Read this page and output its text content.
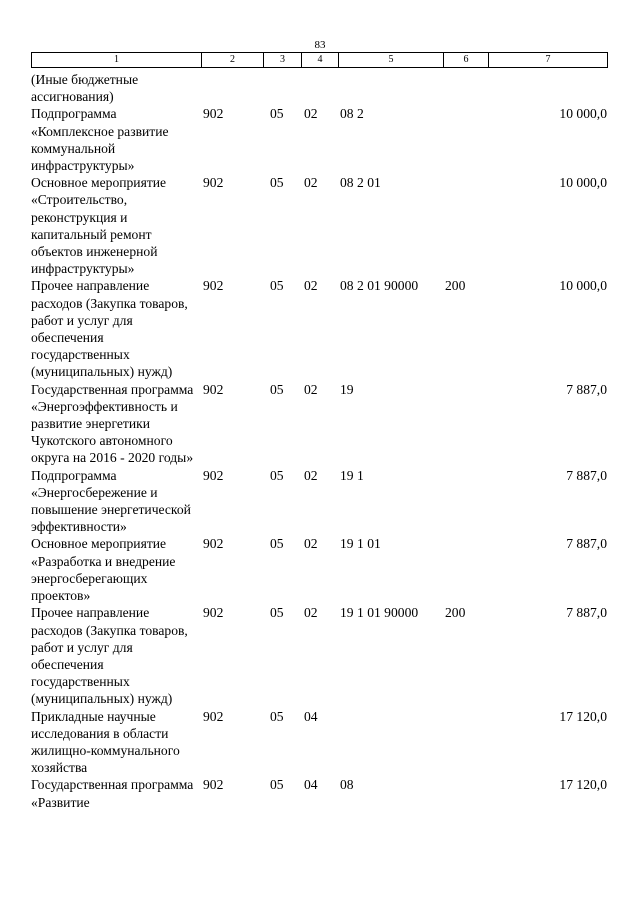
83
1	2	3	4	5	6	7
(Иные бюджетные ассигнования)						
Подпрограмма «Комплексное развитие коммунальной инфраструктуры»	902	05	02	08 2		10 000,0
Основное мероприятие «Строительство, реконструкция и капитальный ремонт объектов инженерной инфраструктуры»	902	05	02	08 2 01		10 000,0
Прочее направление расходов (Закупка товаров, работ и услуг для обеспечения государственных (муниципальных) нужд)	902	05	02	08 2 01 90000	200	10 000,0
Государственная программа «Энергоэффективность и развитие энергетики Чукотского автономного округа на 2016 - 2020 годы»	902	05	02	19		7 887,0
Подпрограмма «Энергосбережение и повышение энергетической эффективности»	902	05	02	19 1		7 887,0
Основное мероприятие «Разработка и внедрение энергосберегающих проектов»	902	05	02	19 1 01		7 887,0
Прочее направление расходов (Закупка товаров, работ и услуг для обеспечения государственных (муниципальных) нужд)	902	05	02	19 1 01 90000	200	7 887,0
Прикладные научные исследования в области жилищно-коммунального хозяйства	902	05	04			17 120,0
Государственная программа «Развитие	902	05	04	08		17 120,0
